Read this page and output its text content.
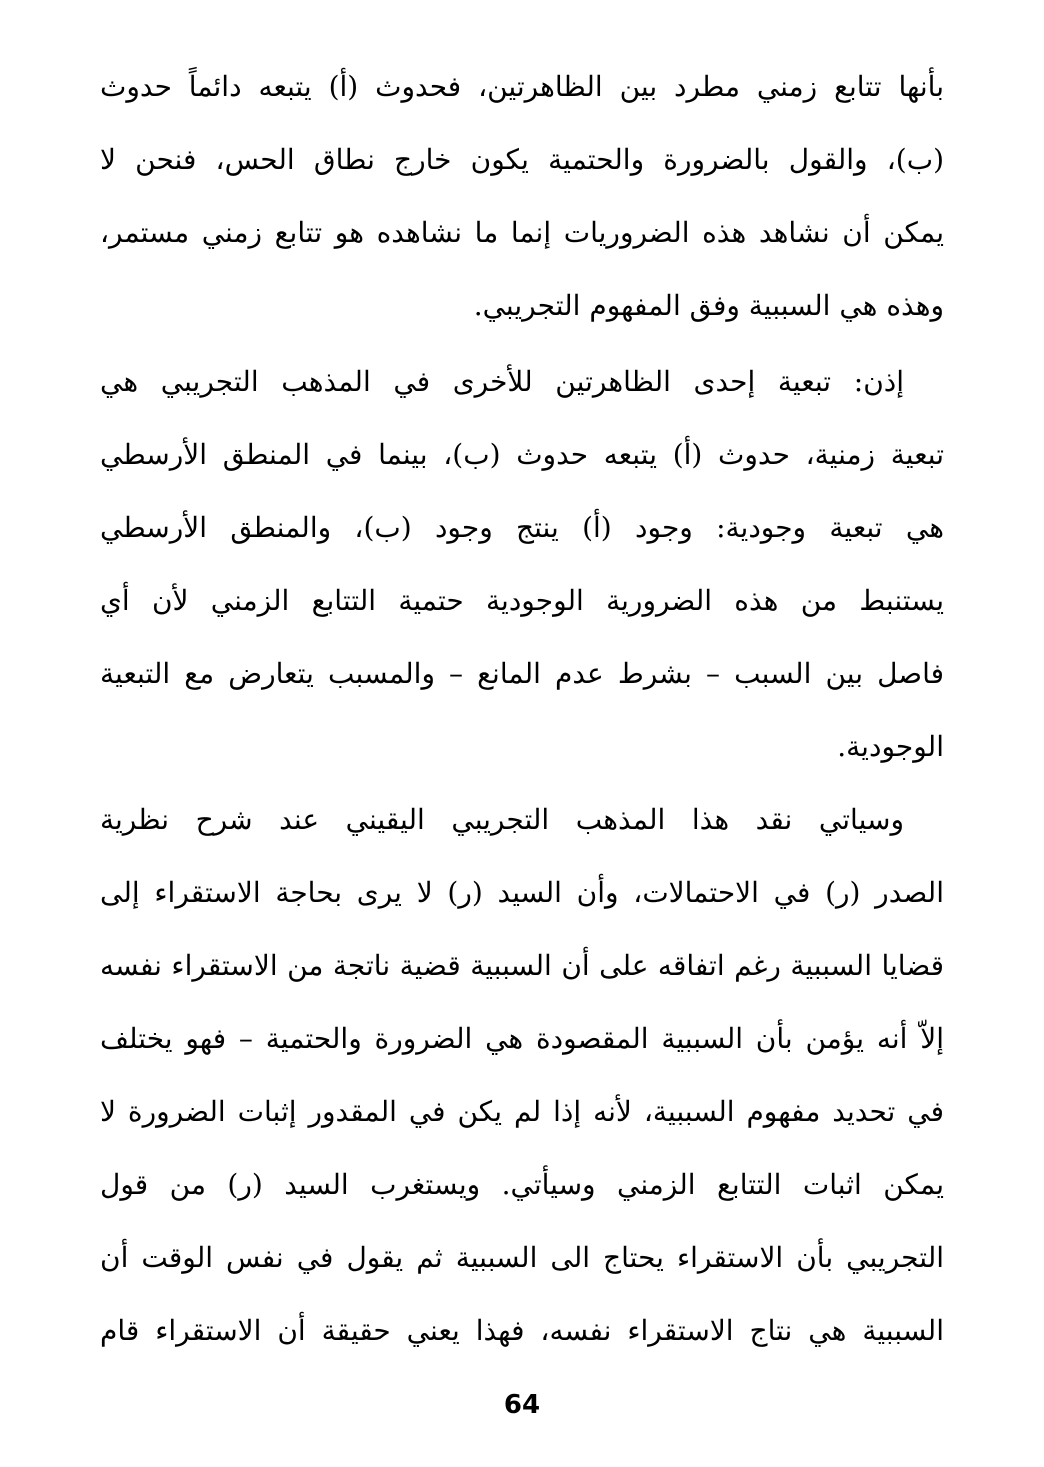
بأنها تتابع زمني مطرد بين الظاهرتين، فحدوث (أ) يتبعه دائماً حدوث
(ب)، والقول بالضرورة والحتمية يكون خارج نطاق الحس، فنحن لا
يمكن أن نشاهد هذه الضروريات إنما ما نشاهده هو تتابع زمني مستمر،
وهذه هي السببية وفق المفهوم التجريبي.
إذن: تبعية إحدى الظاهرتين للأخرى في المذهب التجريبي هي
تبعية زمنية، حدوث (أ) يتبعه حدوث (ب)، بينما في المنطق الأرسطي
هي تبعية وجودية: وجود (أ) ينتج وجود (ب)، والمنطق الأرسطي
يستنبط من هذه الضرورية الوجودية حتمية التتابع الزمني لأن أي
فاصل بين السبب – بشرط عدم المانع – والمسبب يتعارض مع التبعية
الوجودية.
وسياتي نقد هذا المذهب التجريبي اليقيني عند شرح نظرية
الصدر (ر) في الاحتمالات، وأن السيد (ر) لا يرى بحاجة الاستقراء إلى
قضايا السببية رغم اتفاقه على أن السببية قضية ناتجة من الاستقراء نفسه
إلاّ أنه يؤمن بأن السببية المقصودة هي الضرورة والحتمية – فهو يختلف
في تحديد مفهوم السببية، لأنه إذا لم يكن في المقدور إثبات الضرورة لا
يمكن اثبات التتابع الزمني وسيأتي. ويستغرب السيد (ر) من قول
التجريبي بأن الاستقراء يحتاج الى السببية ثم يقول في نفس الوقت أن
السببية هي نتاج الاستقراء نفسه، فهذا يعني حقيقة أن الاستقراء قام
64
